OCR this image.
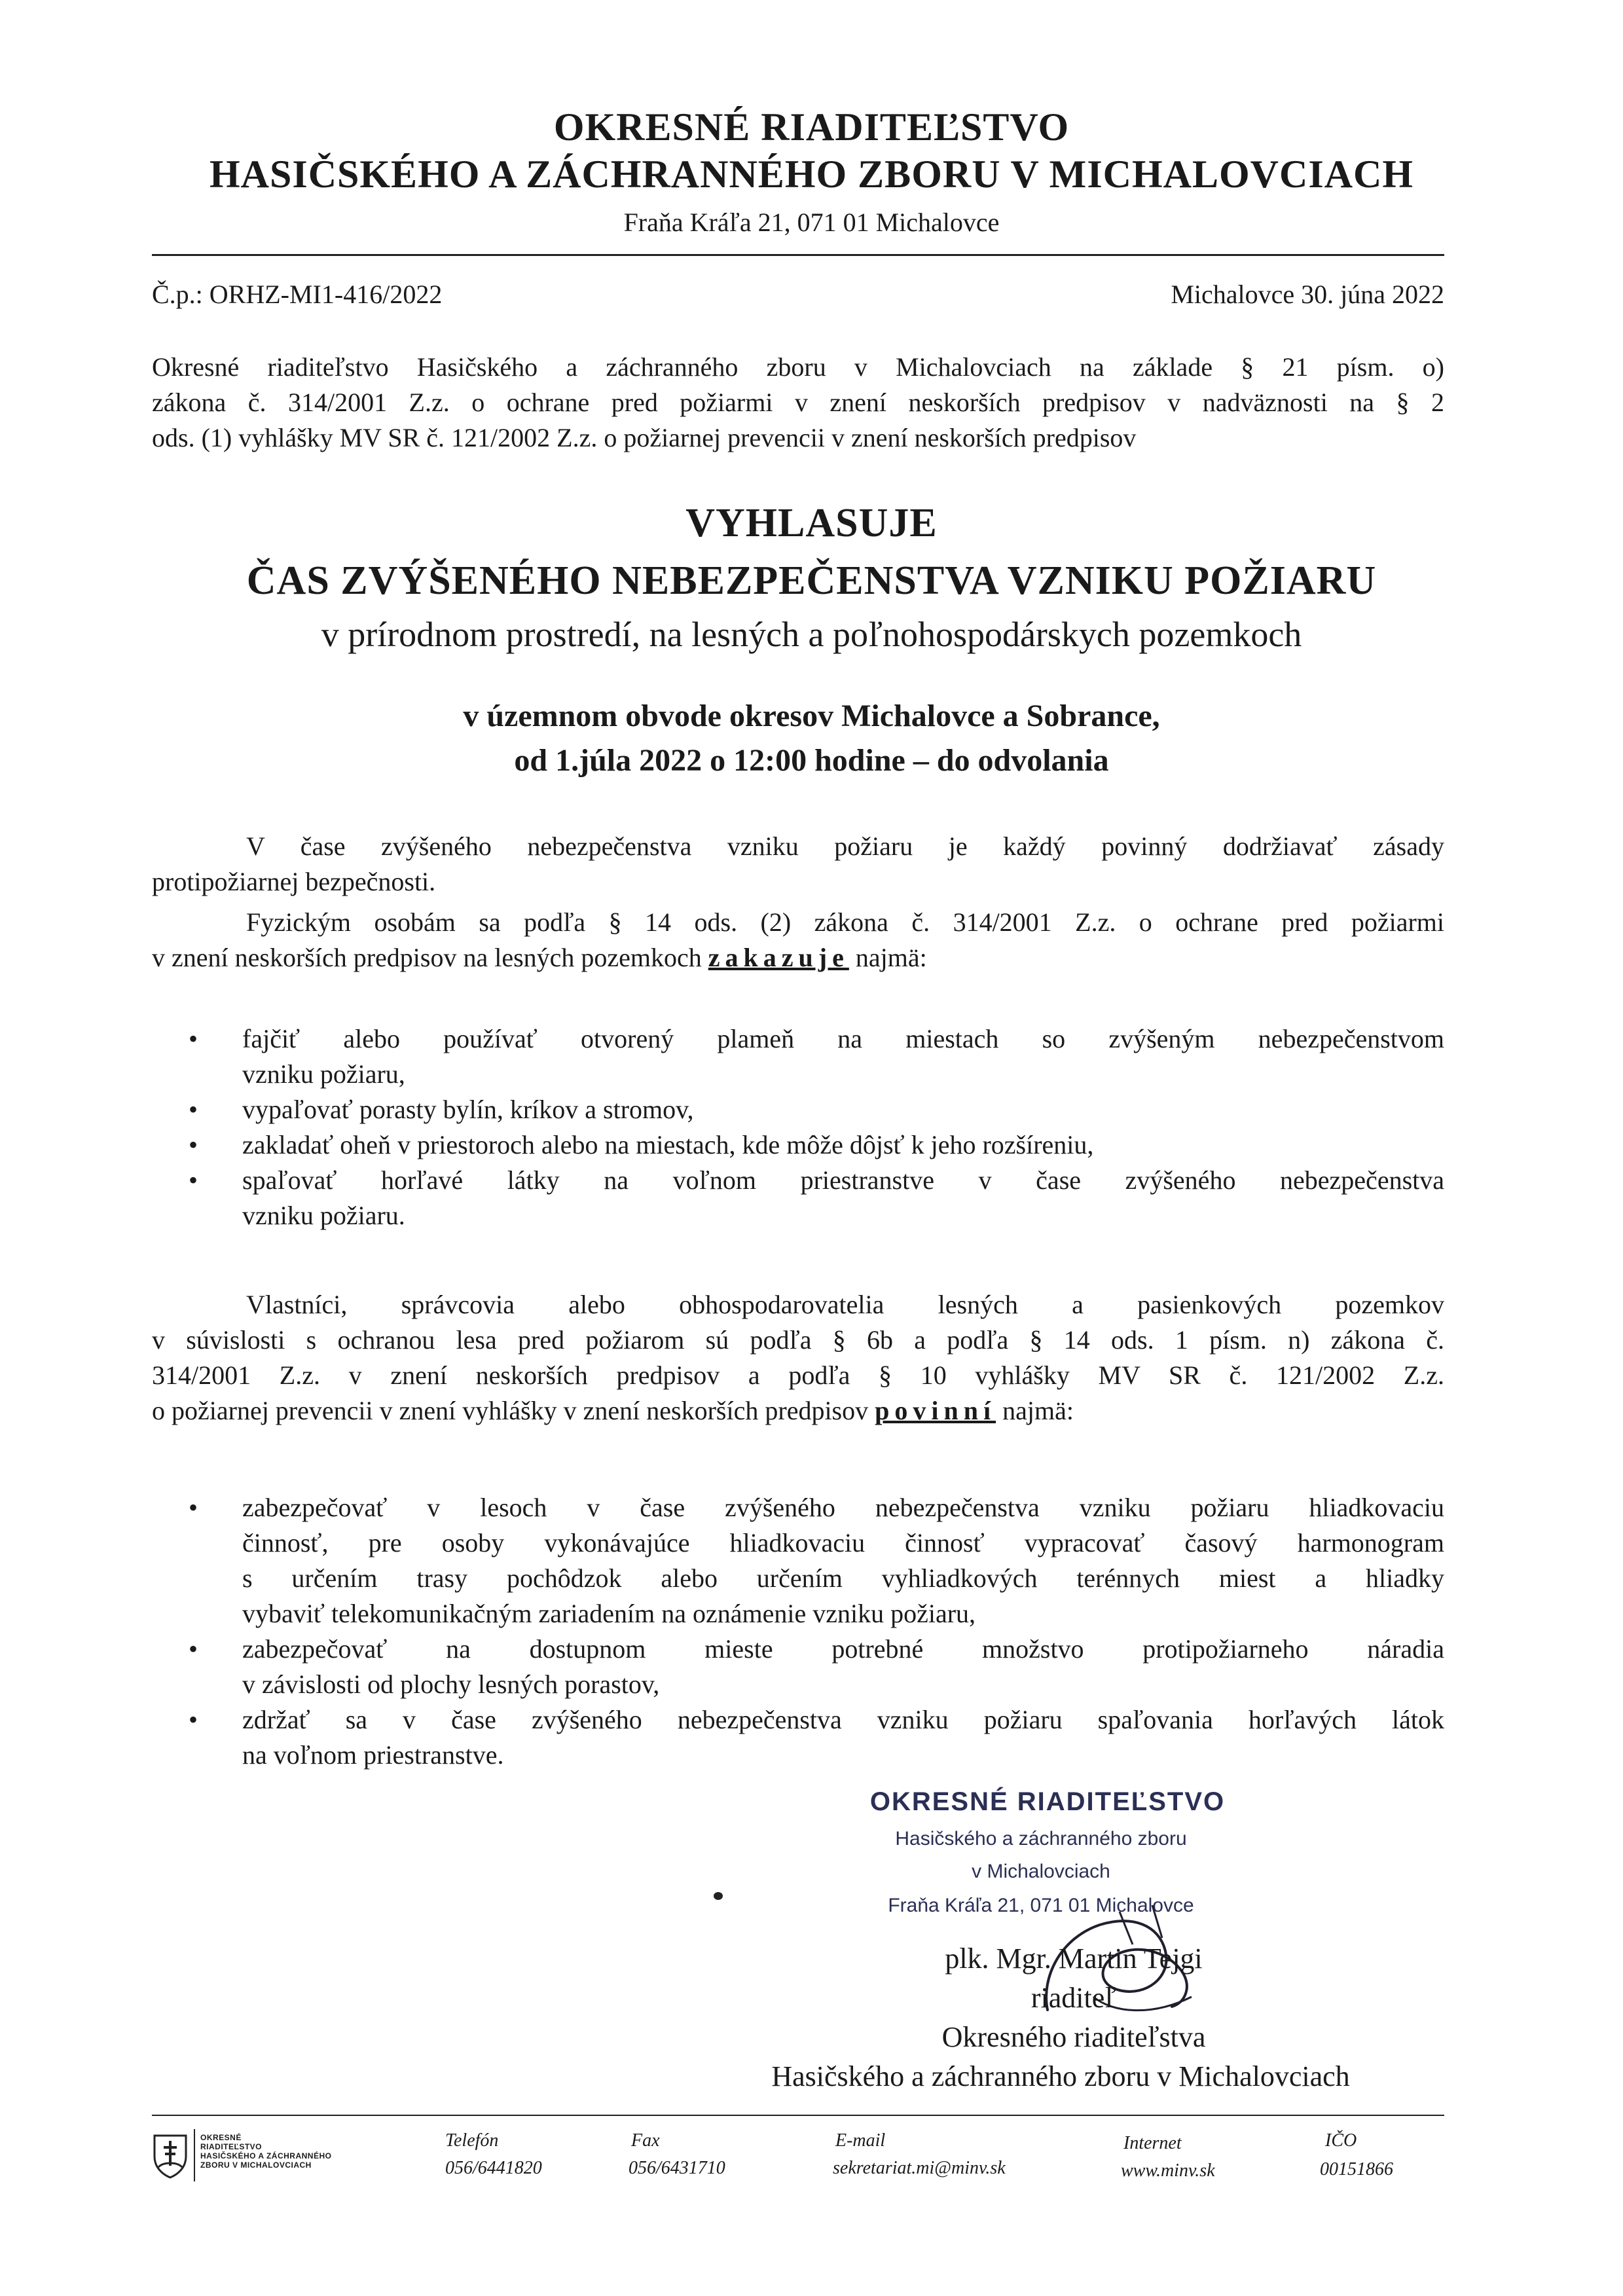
OKRESNÉ RIADITEĽSTVO
HASIČSKÉHO A ZÁCHRANNÉHO ZBORU V MICHALOVCIACH
Fraňa Kráľa 21, 071 01 Michalovce
Č.p.: ORHZ-MI1-416/2022	Michalovce 30. júna 2022
Okresné riaditeľstvo Hasičského a záchranného zboru v Michalovciach na základe § 21 písm. o)
zákona č. 314/2001 Z.z. o ochrane pred požiarmi v znení neskorších predpisov v nadväznosti na § 2
ods. (1) vyhlášky MV SR č. 121/2002 Z.z. o požiarnej prevencii v znení neskorších predpisov
VYHLASUJE
ČAS ZVÝŠENÉHO NEBEZPEČENSTVA VZNIKU POŽIARU
v prírodnom prostredí, na lesných a poľnohospodárskych pozemkoch
v územnom obvode okresov Michalovce a Sobrance,
od 1.júla 2022 o 12:00 hodine – do odvolania
V čase zvýšeného nebezpečenstva vzniku požiaru je každý povinný dodržiavať zásady
protipožiarnej bezpečnosti.
Fyzickým osobám sa podľa § 14 ods. (2) zákona č. 314/2001 Z.z. o ochrane pred požiarmi
v znení neskorších predpisov na lesných pozemkoch zakazuje najmä:
• fajčiť alebo používať otvorený plameň na miestach so zvýšeným nebezpečenstvom
vzniku požiaru,
• vypaľovať porasty bylín, kríkov a stromov,
• zakladať oheň v priestoroch alebo na miestach, kde môže dôjsť k jeho rozšíreniu,
• spaľovať horľavé látky na voľnom priestranstve v čase zvýšeného nebezpečenstva
vzniku požiaru.
Vlastníci, správcovia alebo obhospodarovatelia lesných a pasienkových pozemkov
v súvislosti s ochranou lesa pred požiarom sú podľa § 6b a podľa § 14 ods. 1 písm. n) zákona č.
314/2001 Z.z. v znení neskorších predpisov a podľa § 10 vyhlášky MV SR č. 121/2002 Z.z.
o požiarnej prevencii v znení vyhlášky v znení neskorších predpisov povinní najmä:
• zabezpečovať v lesoch v čase zvýšeného nebezpečenstva vzniku požiaru hliadkovaciu
činnosť, pre osoby vykonávajúce hliadkovaciu činnosť vypracovať časový harmonogram
s určením trasy pochôdzok alebo určením vyhliadkových terénnych miest a hliadky
vybaviť telekomunikačným zariadením na oznámenie vzniku požiaru,
• zabezpečovať na dostupnom mieste potrebné množstvo protipožiarneho náradia
v závislosti od plochy lesných porastov,
• zdržať sa v čase zvýšeného nebezpečenstva vzniku požiaru spaľovania horľavých látok
na voľnom priestranstve.
OKRESNÉ RIADITEĽSTVO
Hasičského a záchranného zboru
v Michalovciach
Fraňa Kráľa 21, 071 01 Michalovce
plk. Mgr. Martin Tejgi
riaditeľ
Okresného riaditeľstva
Hasičského a záchranného zboru v Michalovciach
OKRESNÉ
RIADITEĽSTVO
HASIČSKÉHO A ZÁCHRANNÉHO
ZBORU V MICHALOVCIACH
Telefón
056/6441820
Fax
056/6431710
E-mail
sekretariat.mi@minv.sk
Internet
www.minv.sk
IČO
00151866
